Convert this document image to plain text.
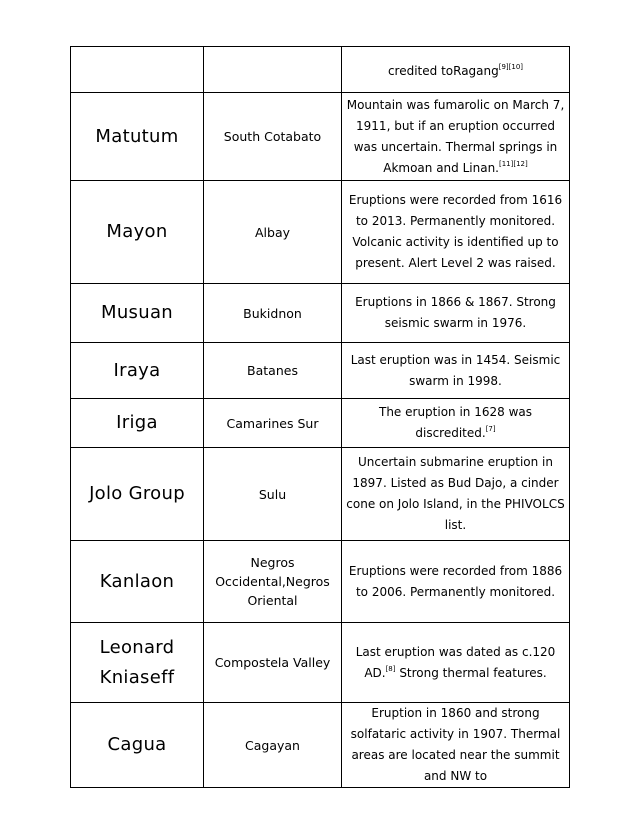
		credited toRagang[9][10]
Matutum	South Cotabato	Mountain was fumarolic on March 7, 1911, but if an eruption occurred was uncertain. Thermal springs in Akmoan and Linan.[11][12]
Mayon	Albay	Eruptions were recorded from 1616 to 2013. Permanently monitored. Volcanic activity is identified up to present. Alert Level 2 was raised.
Musuan	Bukidnon	Eruptions in 1866 & 1867. Strong seismic swarm in 1976.
Iraya	Batanes	Last eruption was in 1454. Seismic swarm in 1998.
Iriga	Camarines Sur	The eruption in 1628 was discredited.[7]
Jolo Group	Sulu	Uncertain submarine eruption in 1897. Listed as Bud Dajo, a cinder cone on Jolo Island, in the PHIVOLCS list.
Kanlaon	Negros Occidental,Negros Oriental	Eruptions were recorded from 1886 to 2006. Permanently monitored.
Leonard Kniaseff	Compostela Valley	Last eruption was dated as c.120 AD.[8] Strong thermal features.
Cagua	Cagayan	Eruption in 1860 and strong solfataric activity in 1907. Thermal areas are located near the summit and NW to
